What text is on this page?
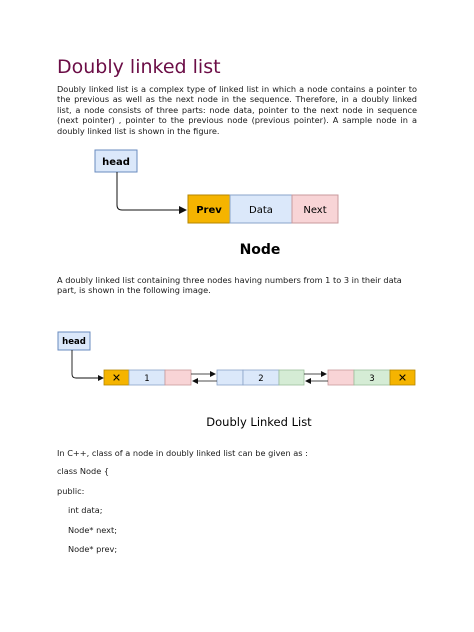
Doubly linked list

Doubly linked list is a complex type of linked list in which a node contains a pointer to the previous as well as the next node in the sequence. Therefore, in a doubly linked list, a node consists of three parts: node data, pointer to the next node in sequence (next pointer) , pointer to the previous node (previous pointer). A sample node in a doubly linked list is shown in the figure.

head
Prev	Data	Next
Node
head
✕	1	2	3 ✕
Doubly Linked List

A doubly linked list containing three nodes having numbers from 1 to 3 in their data part, is shown in the following image.

In C++, class of a node in doubly linked list can be given as :

class Node {
public:
int data;
Node* next;
Node* prev;
